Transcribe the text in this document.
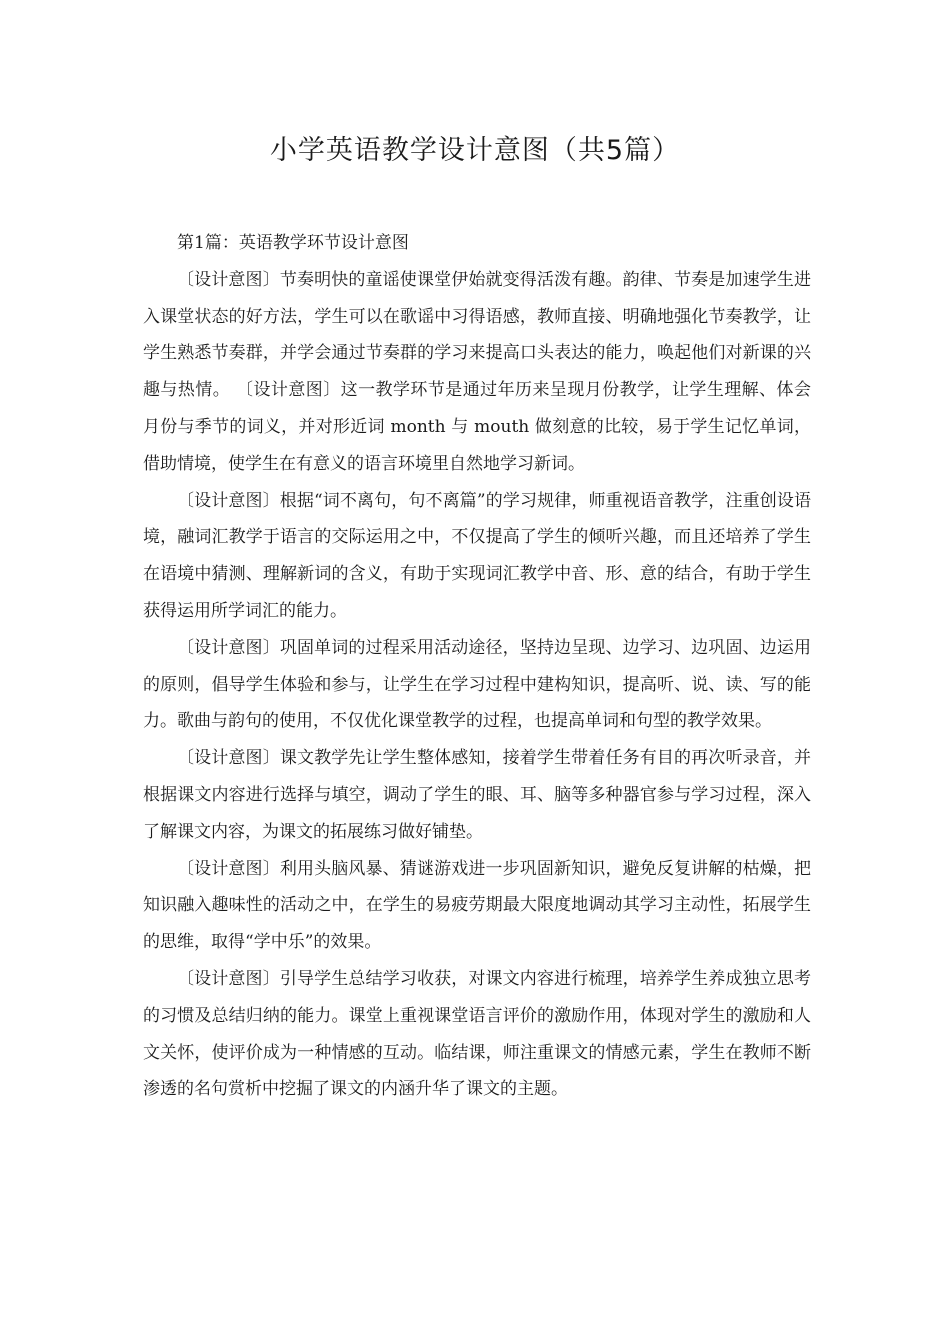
小学英语教学设计意图（共5篇）

第1篇：英语教学环节设计意图

〔设计意图〕节奏明快的童谣使课堂伊始就变得活泼有趣。韵律、节奏是加速学生进入课堂状态的好方法，学生可以在歌谣中习得语感，教师直接、明确地强化节奏教学，让学生熟悉节奏群，并学会通过节奏群的学习来提高口头表达的能力，唤起他们对新课的兴趣与热情。 〔设计意图〕这一教学环节是通过年历来呈现月份教学，让学生理解、体会月份与季节的词义，并对形近词 month 与 mouth 做刻意的比较，易于学生记忆单词，借助情境，使学生在有意义的语言环境里自然地学习新词。

〔设计意图〕根据“词不离句，句不离篇”的学习规律，师重视语音教学，注重创设语境，融词汇教学于语言的交际运用之中，不仅提高了学生的倾听兴趣，而且还培养了学生在语境中猜测、理解新词的含义，有助于实现词汇教学中音、形、意的结合，有助于学生获得运用所学词汇的能力。

〔设计意图〕巩固单词的过程采用活动途径，坚持边呈现、边学习、边巩固、边运用的原则，倡导学生体验和参与，让学生在学习过程中建构知识，提高听、说、读、写的能力。歌曲与韵句的使用，不仅优化课堂教学的过程，也提高单词和句型的教学效果。

〔设计意图〕课文教学先让学生整体感知，接着学生带着任务有目的再次听录音，并根据课文内容进行选择与填空，调动了学生的眼、耳、脑等多种器官参与学习过程，深入了解课文内容，为课文的拓展练习做好铺垫。

〔设计意图〕利用头脑风暴、猜谜游戏进一步巩固新知识，避免反复讲解的枯燥，把知识融入趣味性的活动之中，在学生的易疲劳期最大限度地调动其学习主动性，拓展学生的思维，取得“学中乐”的效果。

〔设计意图〕引导学生总结学习收获，对课文内容进行梳理，培养学生养成独立思考的习惯及总结归纳的能力。课堂上重视课堂语言评价的激励作用，体现对学生的激励和人文关怀，使评价成为一种情感的互动。临结课，师注重课文的情感元素，学生在教师不断渗透的名句赏析中挖掘了课文的内涵升华了课文的主题。
